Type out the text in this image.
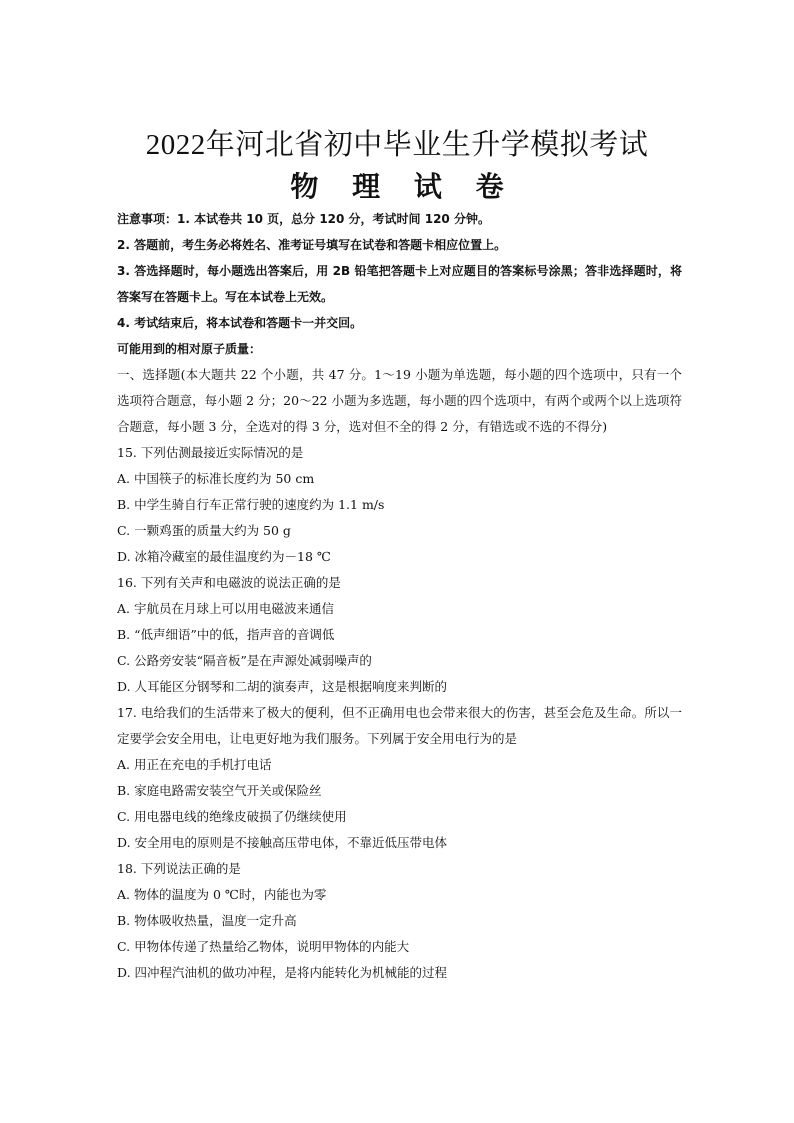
2022年河北省初中毕业生升学模拟考试
物 理 试 卷
注意事项：1. 本试卷共 10 页，总分 120 分，考试时间 120 分钟。
2. 答题前，考生务必将姓名、准考证号填写在试卷和答题卡相应位置上。
3. 答选择题时，每小题选出答案后，用 2B 铅笔把答题卡上对应题目的答案标号涂黑；答非选择题时，将答案写在答题卡上。写在本试卷上无效。
4. 考试结束后，将本试卷和答题卡一并交回。
可能用到的相对原子质量：
一、选择题(本大题共 22 个小题，共 47 分。1～19 小题为单选题，每小题的四个选项中，只有一个选项符合题意，每小题 2 分；20～22 小题为多选题，每小题的四个选项中，有两个或两个以上选项符合题意，每小题 3 分，全选对的得 3 分，选对但不全的得 2 分，有错选或不选的不得分)
15. 下列估测最接近实际情况的是
A. 中国筷子的标准长度约为 50 cm
B. 中学生骑自行车正常行驶的速度约为 1.1 m/s
C. 一颗鸡蛋的质量大约为 50 g
D. 冰箱冷藏室的最佳温度约为－18 ℃
16. 下列有关声和电磁波的说法正确的是
A. 宇航员在月球上可以用电磁波来通信
B. “低声细语”中的低，指声音的音调低
C. 公路旁安装“隔音板”是在声源处减弱噪声的
D. 人耳能区分钢琴和二胡的演奏声，这是根据响度来判断的
17. 电给我们的生活带来了极大的便利，但不正确用电也会带来很大的伤害，甚至会危及生命。所以一定要学会安全用电，让电更好地为我们服务。下列属于安全用电行为的是
A. 用正在充电的手机打电话
B. 家庭电路需安装空气开关或保险丝
C. 用电器电线的绝缘皮破损了仍继续使用
D. 安全用电的原则是不接触高压带电体，不靠近低压带电体
18. 下列说法正确的是
A. 物体的温度为 0 ℃时，内能也为零
B. 物体吸收热量，温度一定升高
C. 甲物体传递了热量给乙物体，说明甲物体的内能大
D. 四冲程汽油机的做功冲程，是将内能转化为机械能的过程
